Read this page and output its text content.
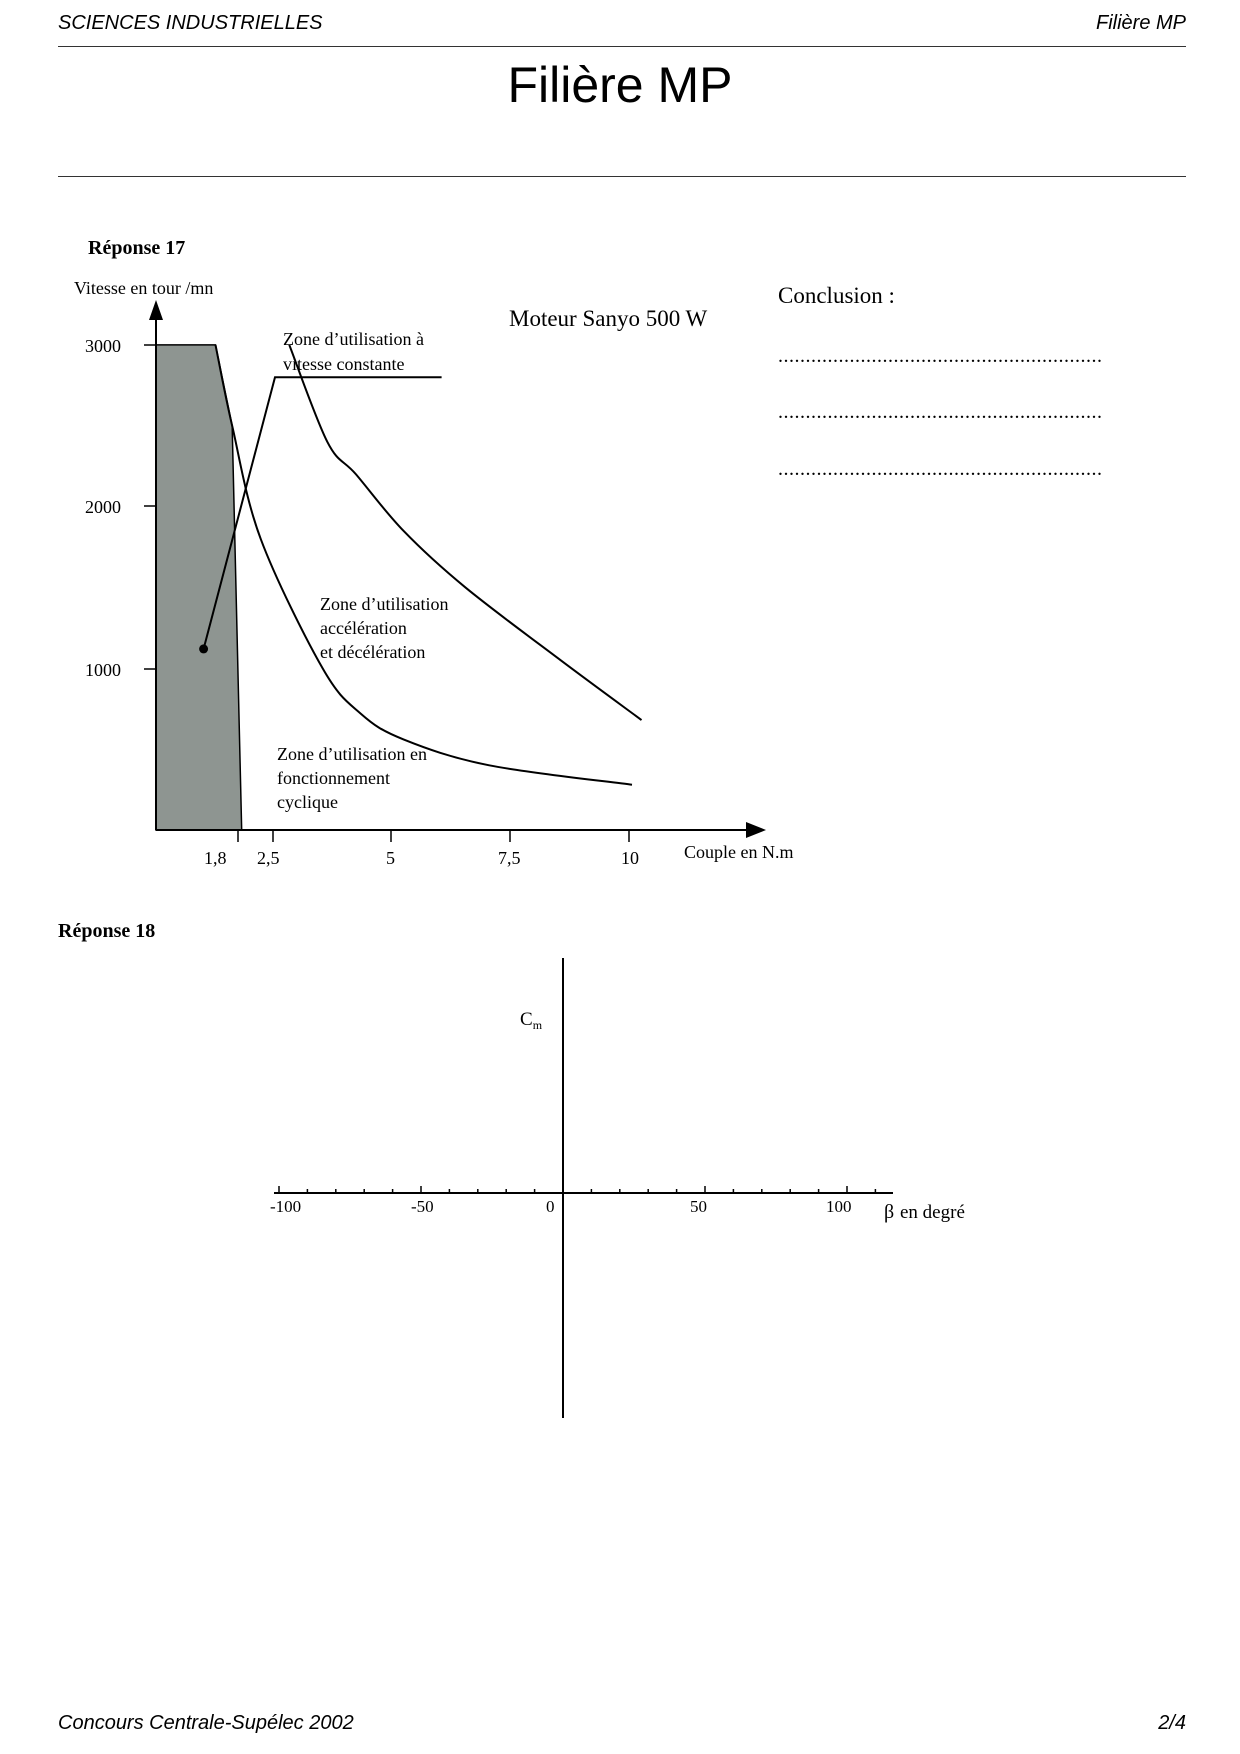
SCIENCES INDUSTRIELLES	Filière MP
Filière MP
Réponse 17
3000
2000
1000
1,8 2,5	5	7,5	10
Vitesse en tour /mn
Couple en N.m
Zone d’utilisation à vitesse constante
Zone d’utilisation accélération et décélération
Zone d’utilisation en fonctionnement cyclique
Moteur Sanyo 500 W
Conclusion :
...........................................................
...........................................................
...........................................................
Réponse 18
$C_m$
-100	-50	0	50	100 β en degré
Concours Centrale-Supélec 2002	2/4
